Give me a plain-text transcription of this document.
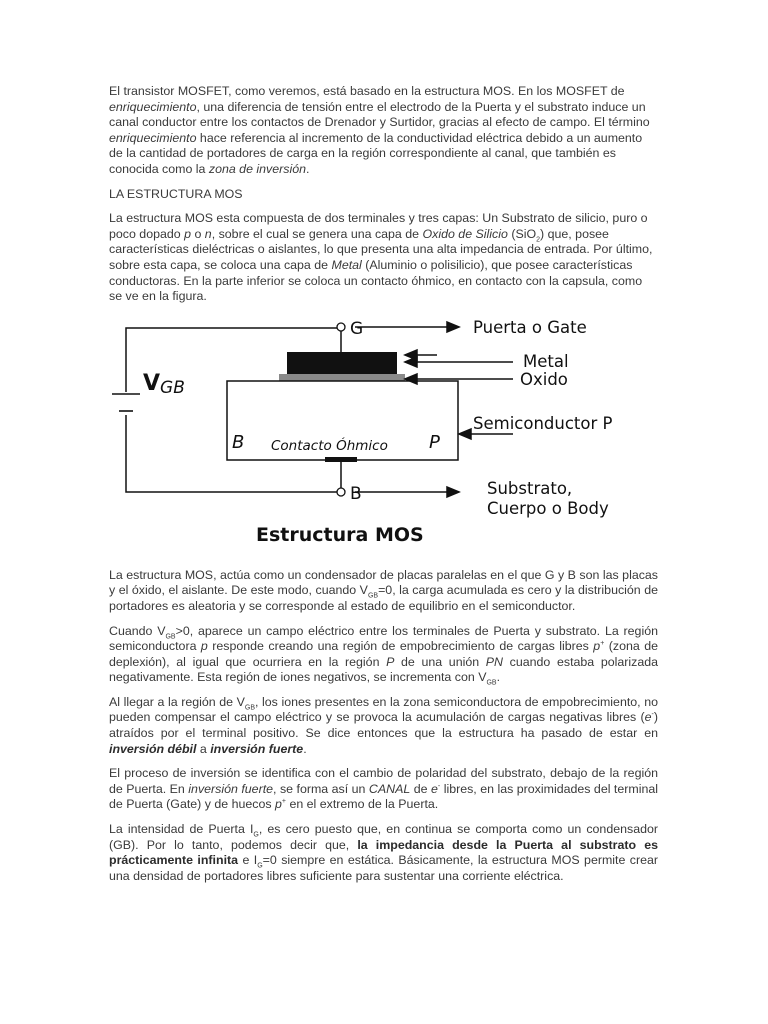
El transistor MOSFET, como veremos, está basado en la estructura MOS. En los MOSFET de enriquecimiento, una diferencia de tensión entre el electrodo de la Puerta y el substrato induce un canal conductor entre los contactos de Drenador y Surtidor, gracias al efecto de campo. El término enriquecimiento hace referencia al incremento de la conductividad eléctrica debido a un aumento de la cantidad de portadores de carga en la región correspondiente al canal, que también es conocida como la zona de inversión.

LA ESTRUCTURA MOS

La estructura MOS esta compuesta de dos terminales y tres capas: Un Substrato de silicio, puro o poco dopado p o n, sobre el cual se genera una capa de Oxido de Silicio (SiO$_2$) que, posee características dieléctricas o aislantes, lo que presenta una alta impedancia de entrada. Por último, sobre esta capa, se coloca una capa de Metal (Aluminio o polisilicio), que posee características conductoras. En la parte inferior se coloca un contacto óhmico, en contacto con la capsula, como se ve en la figura.

VGB
G
B
B	P
Contacto Óhmico
Puerta o Gate
Metal
Oxido
Semiconductor P
Substrato,
Cuerpo o Body
Estructura MOS

La estructura MOS, actúa como un condensador de placas paralelas en el que G y B son las placas y el óxido, el aislante. De este modo, cuando $V_{GB}=0$, la carga acumulada es cero y la distribución de portadores es aleatoria y se corresponde al estado de equilibrio en el semiconductor.

Cuando $V_{GB}>0$, aparece un campo eléctrico entre los terminales de Puerta y substrato. La región semiconductora p responde creando una región de empobrecimiento de cargas libres p+ (zona de deplexión), al igual que ocurriera en la región P de una unión PN cuando estaba polarizada negativamente. Esta región de iones negativos, se incrementa con $V_{GB}$.

Al llegar a la región de $V_{GB}$, los iones presentes en la zona semiconductora de empobrecimiento, no pueden compensar el campo eléctrico y se provoca la acumulación de cargas negativas libres (e-) atraídos por el terminal positivo. Se dice entonces que la estructura ha pasado de estar en inversión débil a inversión fuerte.

El proceso de inversión se identifica con el cambio de polaridad del substrato, debajo de la región de Puerta. En inversión fuerte, se forma así un CANAL de e- libres, en las proximidades del terminal de Puerta (Gate) y de huecos p+ en el extremo de la Puerta.

La intensidad de Puerta $I_G$, es cero puesto que, en continua se comporta como un condensador (GB). Por lo tanto, podemos decir que, la impedancia desde la Puerta al substrato es prácticamente infinita e $I_G=0$ siempre en estática. Básicamente, la estructura MOS permite crear una densidad de portadores libres suficiente para sustentar una corriente eléctrica.
